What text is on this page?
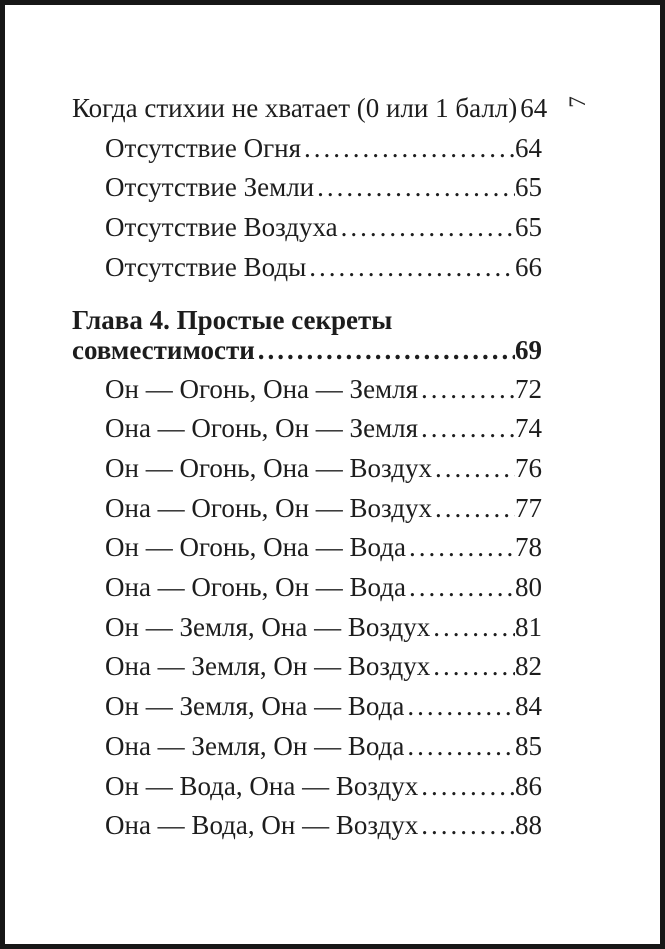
7
Когда стихии не хватает (0 или 1 балл) ..... 64
Отсутствие Огня .....	64
Отсутствие Земли .....	65
Отсутствие Воздуха .....	65
Отсутствие Воды .....	66
Глава 4. Простые секреты
совместимости .....	69
Он — Огонь, Она — Земля .....	72
Она — Огонь, Он — Земля .....	74
Он — Огонь, Она — Воздух .....	76
Она — Огонь, Он — Воздух .....	77
Он — Огонь, Она — Вода .....	78
Она — Огонь, Он — Вода .....	80
Он — Земля, Она — Воздух .....	81
Она — Земля, Он — Воздух .....	82
Он — Земля, Она — Вода .....	84
Она — Земля, Он — Вода .....	85
Он — Вода, Она — Воздух .....	86
Она — Вода, Он — Воздух .....	88
